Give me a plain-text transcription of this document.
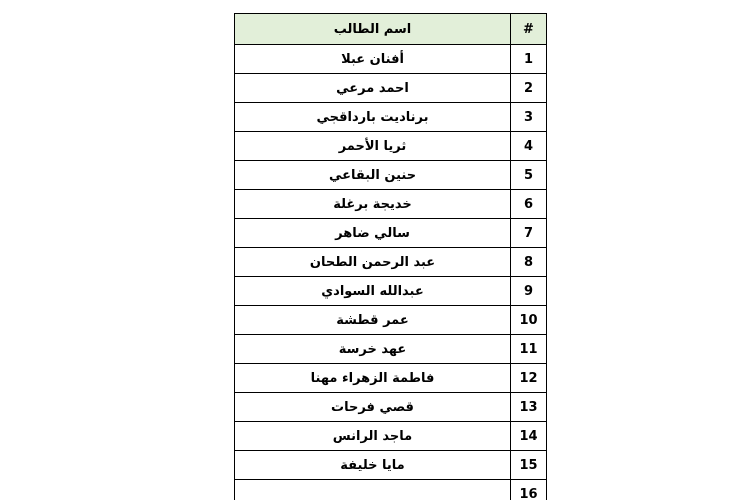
اسم الطالب	#
أفنان عبلا	1
احمد مرعي	2
برناديت بارداقجي	3
ثريا الأحمر	4
حنين البقاعي	5
خديجة برغلة	6
سالي ضاهر	7
عبد الرحمن الطحان	8
عبدالله السوادي	9
عمر قطشة	10
عهد خرسة	11
فاطمة الزهراء مهنا	12
قصي فرحات	13
ماجد الرانس	14
مايا خليفة	15
	16
